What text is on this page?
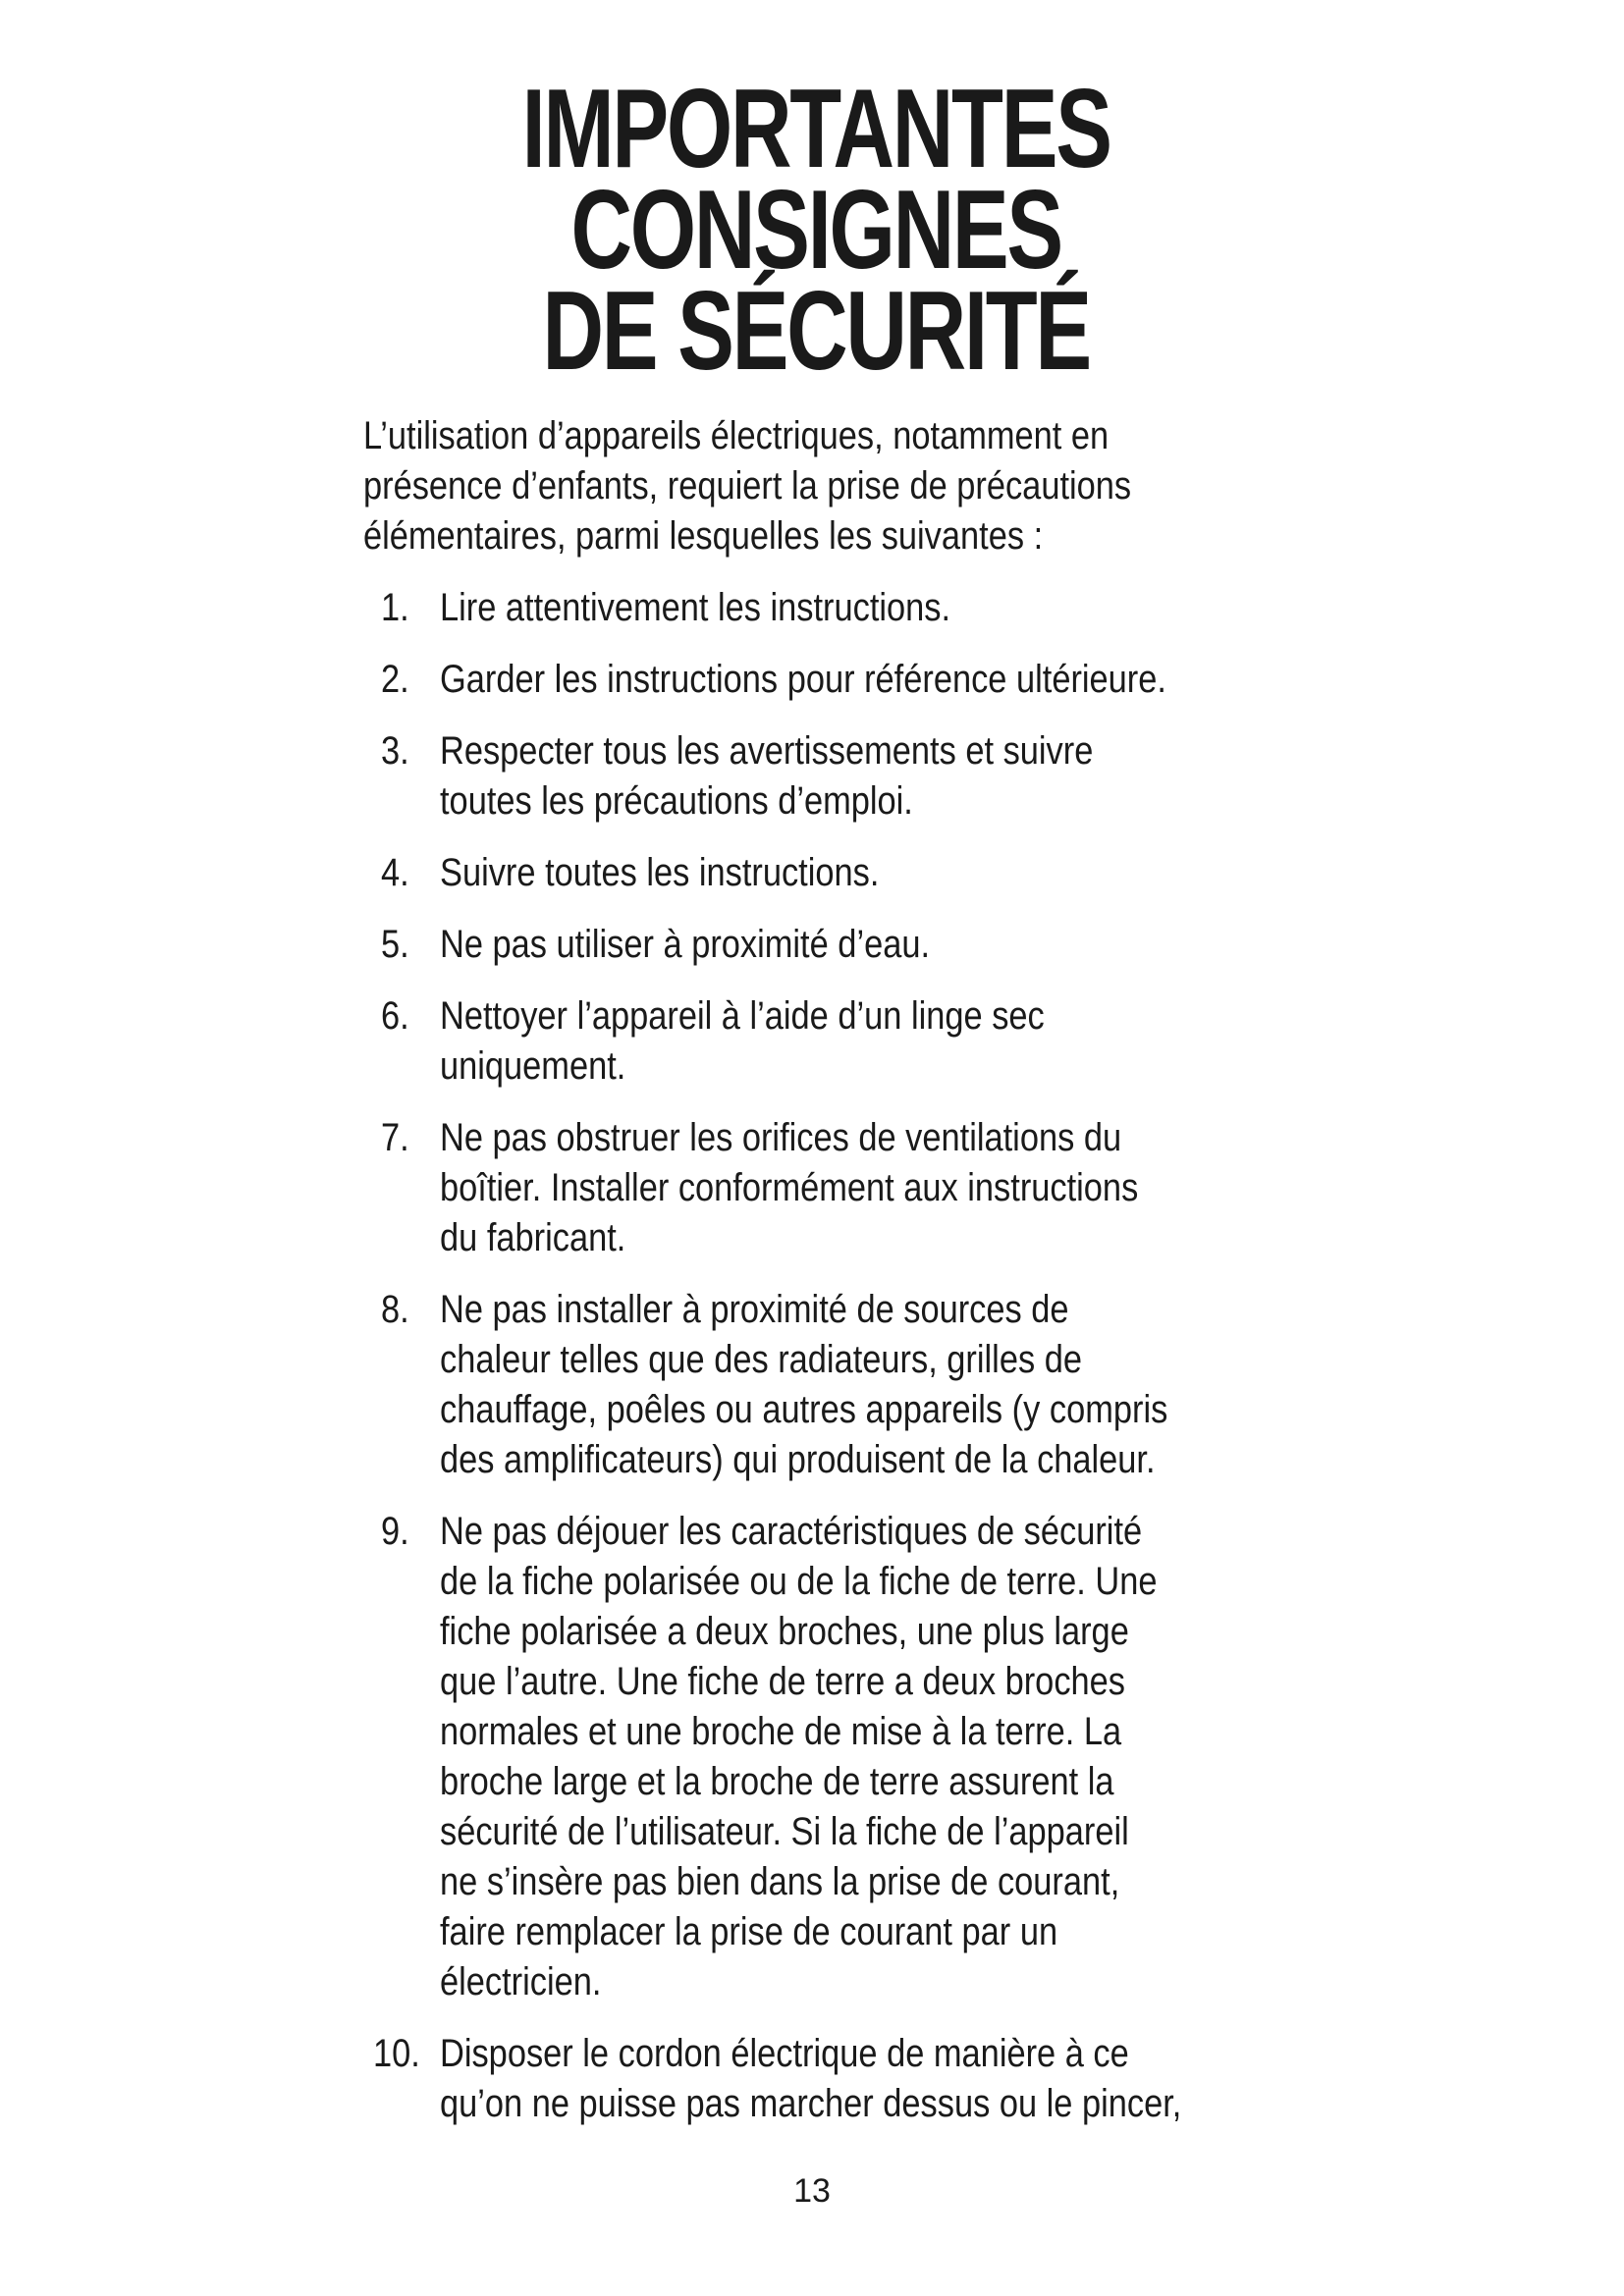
IMPORTANTES
CONSIGNES
DE SÉCURITÉ

L’utilisation d’appareils électriques, notamment en
présence d’enfants, requiert la prise de précautions
élémentaires, parmi lesquelles les suivantes :

1. Lire attentivement les instructions.
2. Garder les instructions pour référence ultérieure.
3. Respecter tous les avertissements et suivre
toutes les précautions d’emploi.
4. Suivre toutes les instructions.
5. Ne pas utiliser à proximité d’eau.
6. Nettoyer l’appareil à l’aide d’un linge sec
uniquement.
7. Ne pas obstruer les orifices de ventilations du
boîtier. Installer conformément aux instructions
du fabricant.
8. Ne pas installer à proximité de sources de
chaleur telles que des radiateurs, grilles de
chauffage, poêles ou autres appareils (y compris
des amplificateurs) qui produisent de la chaleur.
9. Ne pas déjouer les caractéristiques de sécurité
de la fiche polarisée ou de la fiche de terre. Une
fiche polarisée a deux broches, une plus large
que l’autre. Une fiche de terre a deux broches
normales et une broche de mise à la terre. La
broche large et la broche de terre assurent la
sécurité de l’utilisateur. Si la fiche de l’appareil
ne s’insère pas bien dans la prise de courant,
faire remplacer la prise de courant par un
électricien.
10. Disposer le cordon électrique de manière à ce
qu’on ne puisse pas marcher dessus ou le pincer,
13
